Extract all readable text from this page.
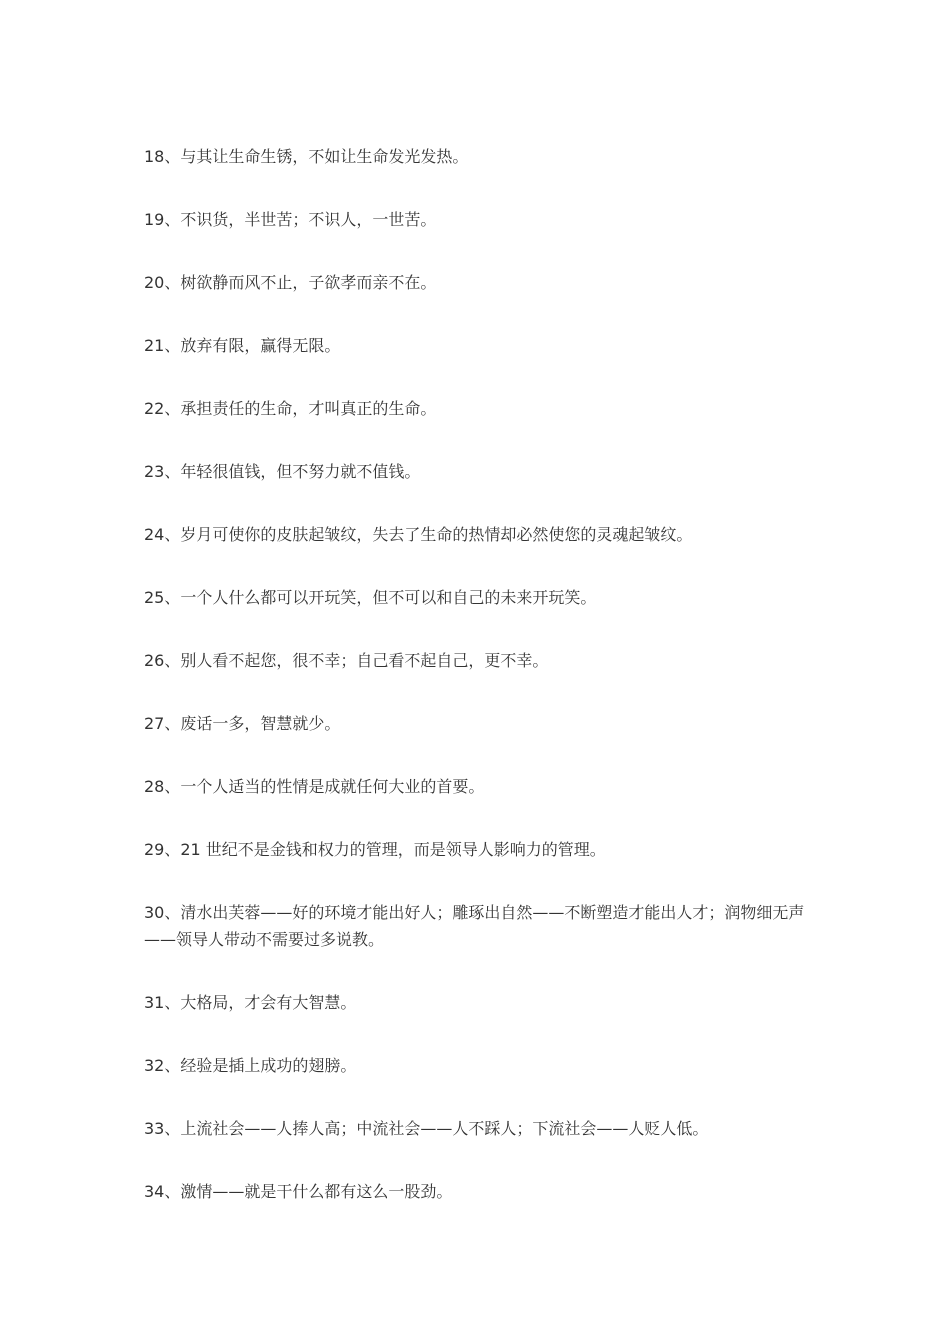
18、与其让生命生锈，不如让生命发光发热。

19、不识货，半世苦；不识人，一世苦。

20、树欲静而风不止，子欲孝而亲不在。

21、放弃有限，赢得无限。

22、承担责任的生命，才叫真正的生命。

23、年轻很值钱，但不努力就不值钱。

24、岁月可使你的皮肤起皱纹，失去了生命的热情却必然使您的灵魂起皱纹。

25、一个人什么都可以开玩笑，但不可以和自己的未来开玩笑。

26、别人看不起您，很不幸；自己看不起自己，更不幸。

27、废话一多，智慧就少。

28、一个人适当的性情是成就任何大业的首要。

29、21 世纪不是金钱和权力的管理，而是领导人影响力的管理。

30、清水出芙蓉——好的环境才能出好人；雕琢出自然——不断塑造才能出人才；润物细无声——领导人带动不需要过多说教。

31、大格局，才会有大智慧。

32、经验是插上成功的翅膀。

33、上流社会——人捧人高；中流社会——人不踩人；下流社会——人贬人低。

34、激情——就是干什么都有这么一股劲。
